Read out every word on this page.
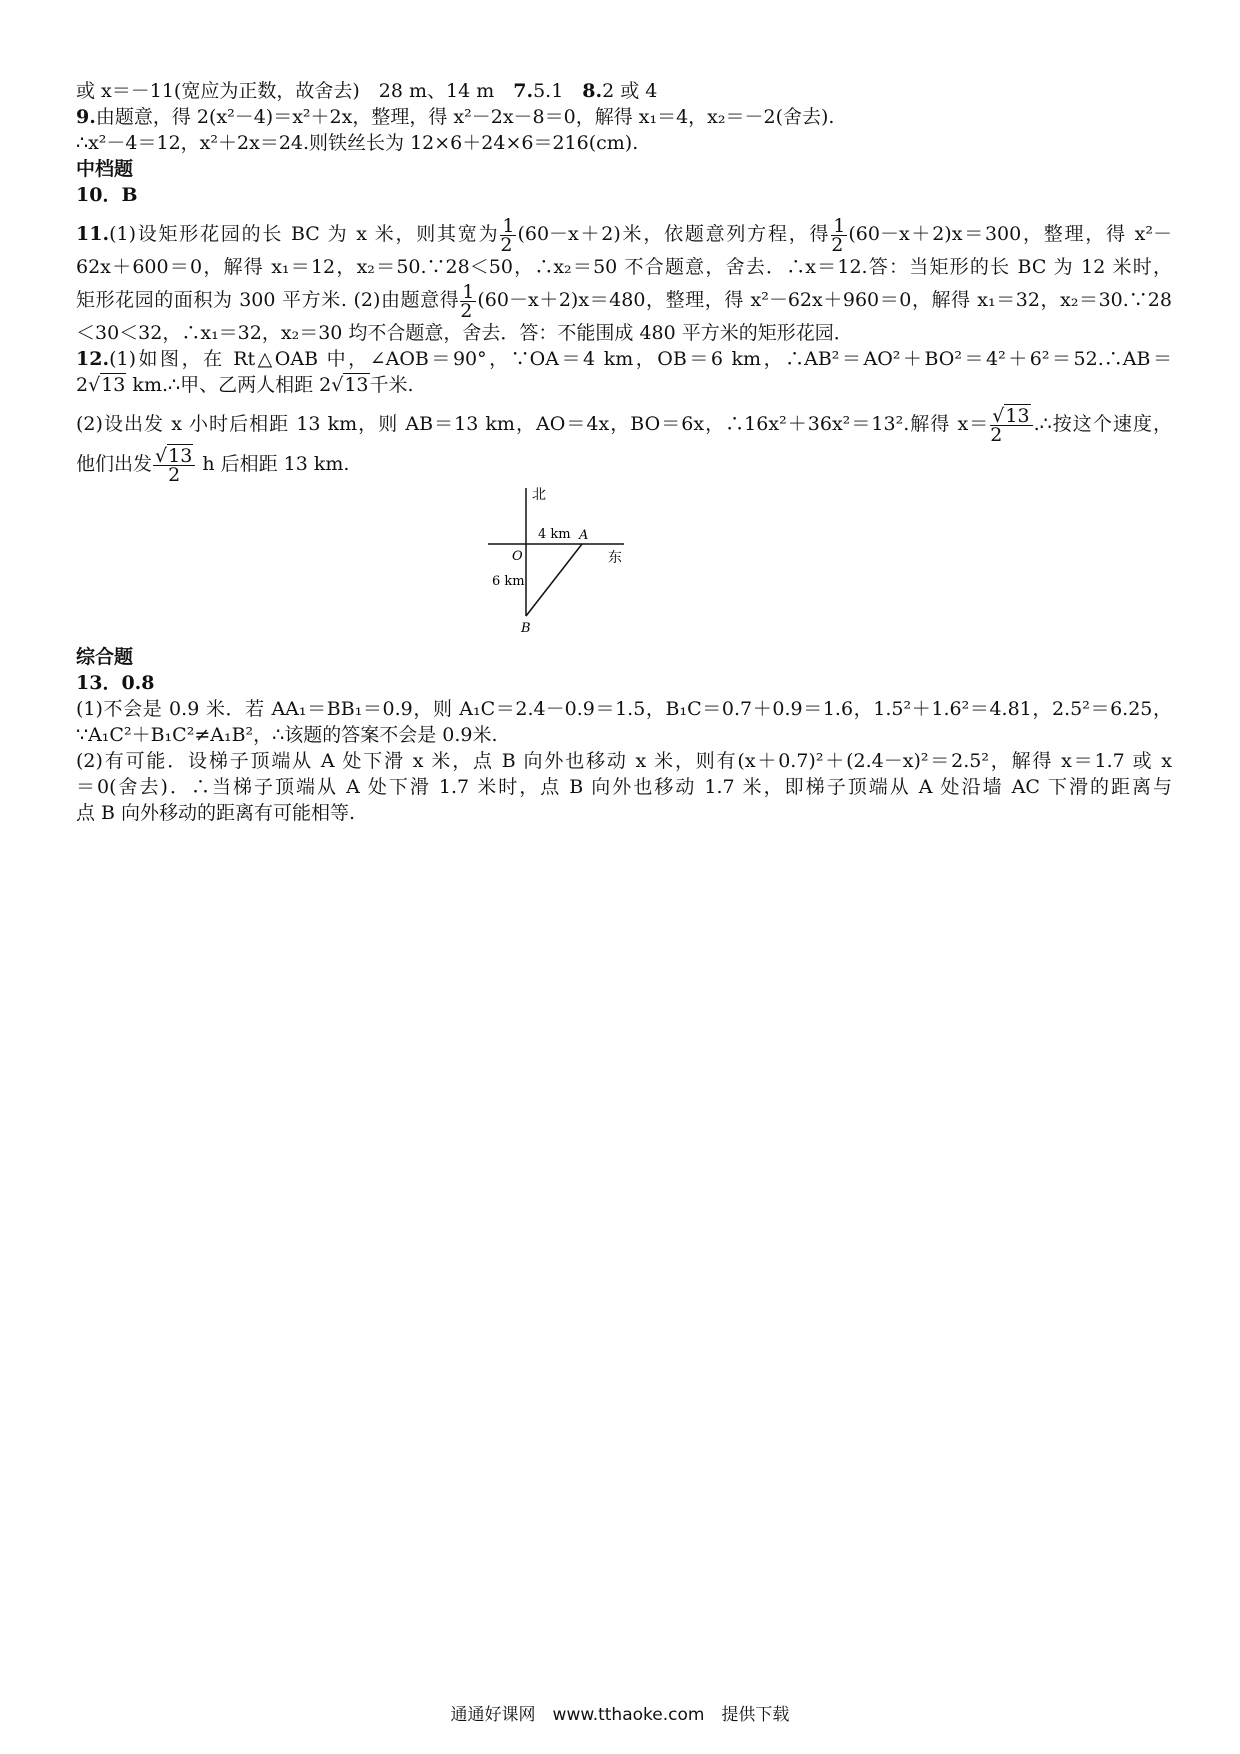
或 x＝－11(宽应为正数，故舍去)　28 m、14 m　7.5.1　8.2 或 4
9.由题意，得 2(x²－4)＝x²＋2x，整理，得 x²－2x－8＝0，解得 x₁＝4，x₂＝－2(舍去).
∴x²－4＝12，x²＋2x＝24.则铁丝长为 12×6＋24×6＝216(cm).
中档题
10．B
11.(1)设矩形花园的长 BC 为 x 米，则其宽为 $\frac{1}{2} (60-x+2)$米，依题意列方程，得 $\frac{1}{2} (60-x+2)x=300$，整理，得 x²－
62x＋600＝0，解得 x₁＝12，x₂＝50.∵28＜50，∴x₂＝50 不合题意，舍去．∴x＝12.答：当矩形的长 BC 为 12 米时，
矩形花园的面积为 300 平方米. (2)由题意得 $\frac{1}{2} (60-x+2)x=480$，整理，得 x²－62x＋960＝0，解得 x₁＝32，x₂＝30.∵28
＜30＜32，∴x₁＝32，x₂＝30 均不合题意，舍去．答：不能围成 480 平方米的矩形花园．
12.(1)如图，在 Rt△OAB 中，∠AOB＝90°，∵OA＝4 km，OB＝6 km，∴AB²＝AO²＋BO²＝4²＋6²＝52.∴AB＝
2√13 km.∴甲、乙两人相距 2√13千米.
(2)设出发 x 小时后相距 13 km，则 AB＝13 km，AO＝4x，BO＝6x，∴16x²＋36x²＝13².解得 $x= \frac{√13}{2}$ .∴按这个速度，
他们出发 $\frac{√13}{2}$ h 后相距 13 km.
北
东
4 km A
O
6 km
B
综合题
13．0.8
(1)不会是 0.9 米．若 AA₁＝BB₁＝0.9，则 A₁C＝2.4－0.9＝1.5，B₁C＝0.7＋0.9＝1.6，1.5²＋1.6²＝4.81，2.5²＝6.25，
∵A₁C²＋B₁C²≠A₁B²，∴该题的答案不会是 0.9米.
(2)有可能．设梯子顶端从 A 处下滑 x 米，点 B 向外也移动 x 米，则有(x＋0.7)²＋(2.4－x)²＝2.5²，解得 x＝1.7 或 x
＝0(舍去)．∴当梯子顶端从 A 处下滑 1.7 米时，点 B 向外也移动 1.7 米，即梯子顶端从 A 处沿墙 AC 下滑的距离与
点 B 向外移动的距离有可能相等.
通通好课网　www.tthaoke.com　提供下载
